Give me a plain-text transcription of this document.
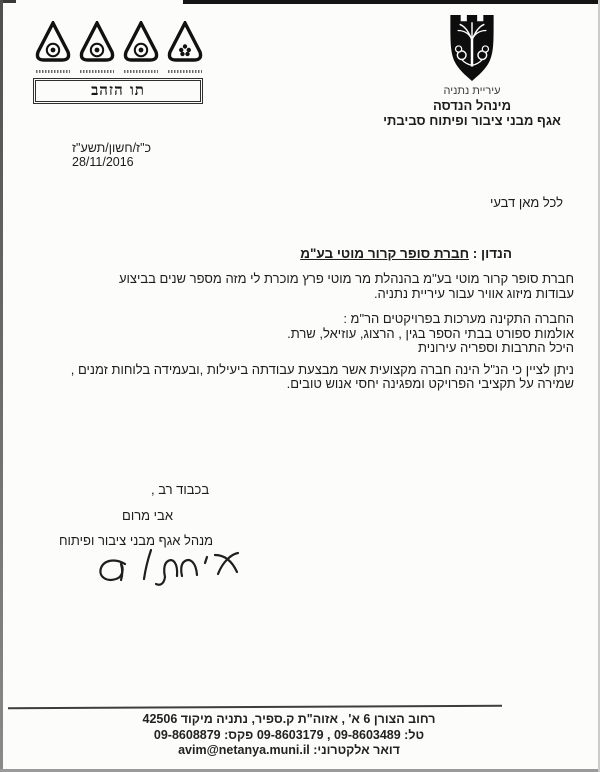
תו הזהב	עיריית נתניה
מינהל הנדסה
אגף מבני ציבור ופיתוח סביבתי
כ"ז/חשון/תשע"ז
28/11/2016
לכל מאן דבעי
הנדון : חברת סופר קרור מוטי בע"מ
חברת סופר קרור מוטי בע"מ בהנהלת מר מוטי פרץ מוכרת לי מזה מספר שנים בביצוע
עבודות מיזוג אוויר עבור עיריית נתניה.
החברה התקינה מערכות בפרויקטים הר"מ :
אולמות ספורט בבתי הספר בגין , הרצוג, עוזיאל, שרת.
היכל התרבות וספריה עירונית
ניתן לציין כי הנ"ל הינה חברה מקצועית אשר מבצעת עבודתה ביעילות ,ובעמידה בלוחות זמנים ,
שמירה על תקציבי הפרויקט ומפגינה יחסי אנוש טובים.
בכבוד רב ,
אבי מרום
מנהל אגף מבני ציבור ופיתוח
רחוב הצורן 6 א' , אזוה"ת ק.ספיר, נתניה מיקוד 42506
טל: 09-8603489 , 09-8603179 פקס: 09-8608879
דואר אלקטרוני: avim@netanya.muni.il
